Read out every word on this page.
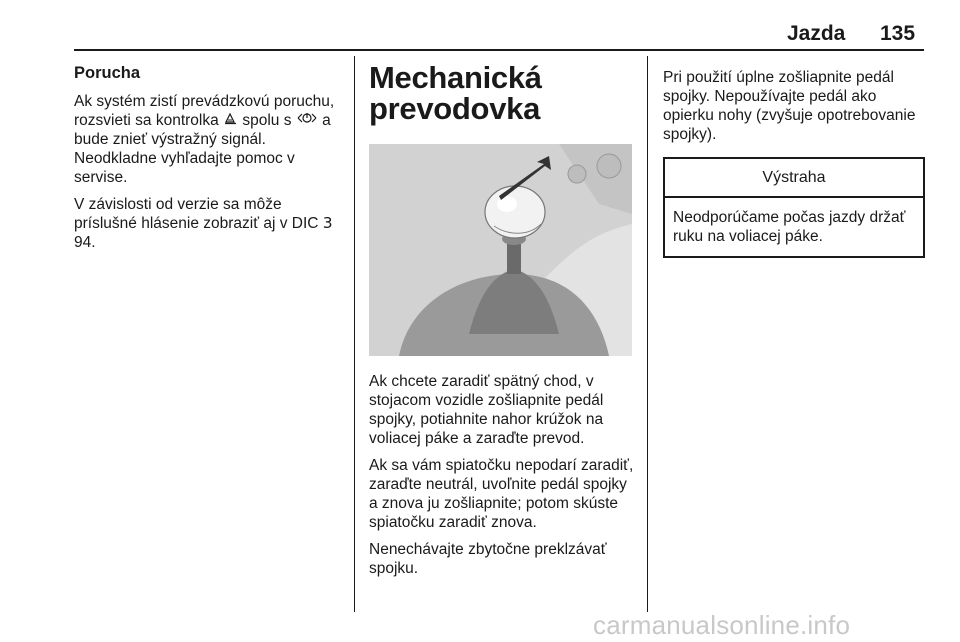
Jazda 135
Porucha

Ak systém zistí prevádzkovú poruchu, rozsvieti sa kontrolka  spolu s  a bude znieť výstražný signál. Neodkladne vyhľadajte pomoc v servise.

V závislosti od verzie sa môže príslušné hlásenie zobraziť aj v DIC 3 94.

Mechanická prevodovka

Ak chcete zaradiť spätný chod, v stojacom vozidle zošliapnite pedál spojky, potiahnite nahor krúžok na voliacej páke a zaraďte prevod.

Ak sa vám spiatočku nepodarí zaradiť, zaraďte neutrál, uvoľnite pedál spojky a znova ju zošliapnite; potom skúste spiatočku zaradiť znova.

Nenechávajte zbytočne preklzávať spojku.

Pri použití úplne zošliapnite pedál spojky. Nepoužívajte pedál ako opierku nohy (zvyšuje opotrebovanie spojky).

Výstraha
Neodporúčame počas jazdy držať ruku na voliacej páke.
carmanualsonline.info
